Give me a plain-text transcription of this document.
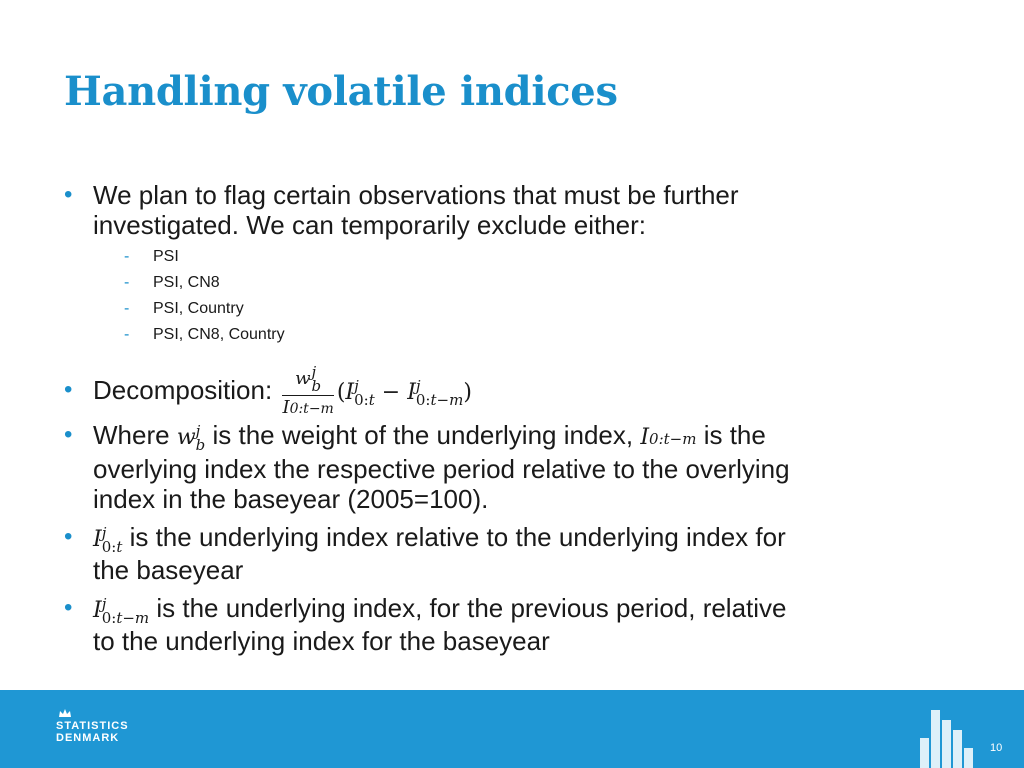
Handling volatile indices
• We plan to flag certain observations that must be further
investigated. We can temporarily exclude either:
- PSI
- PSI, CN8
- PSI, Country
- PSI, CN8, Country
• Decomposition: w j
b
I0:t−m (I j
0:t − I j
0:t−m )
• Where w j
b is the weight of the underlying index, I0:t−m is the
overlying index the respective period relative to the overlying
index in the baseyear (2005=100).
• I j
0:t is the underlying index relative to the underlying index for
the baseyear
• I j
0:t−m is the underlying index, for the previous period, relative
to the underlying index for the baseyear
STATISTICS
DENMARK
10
